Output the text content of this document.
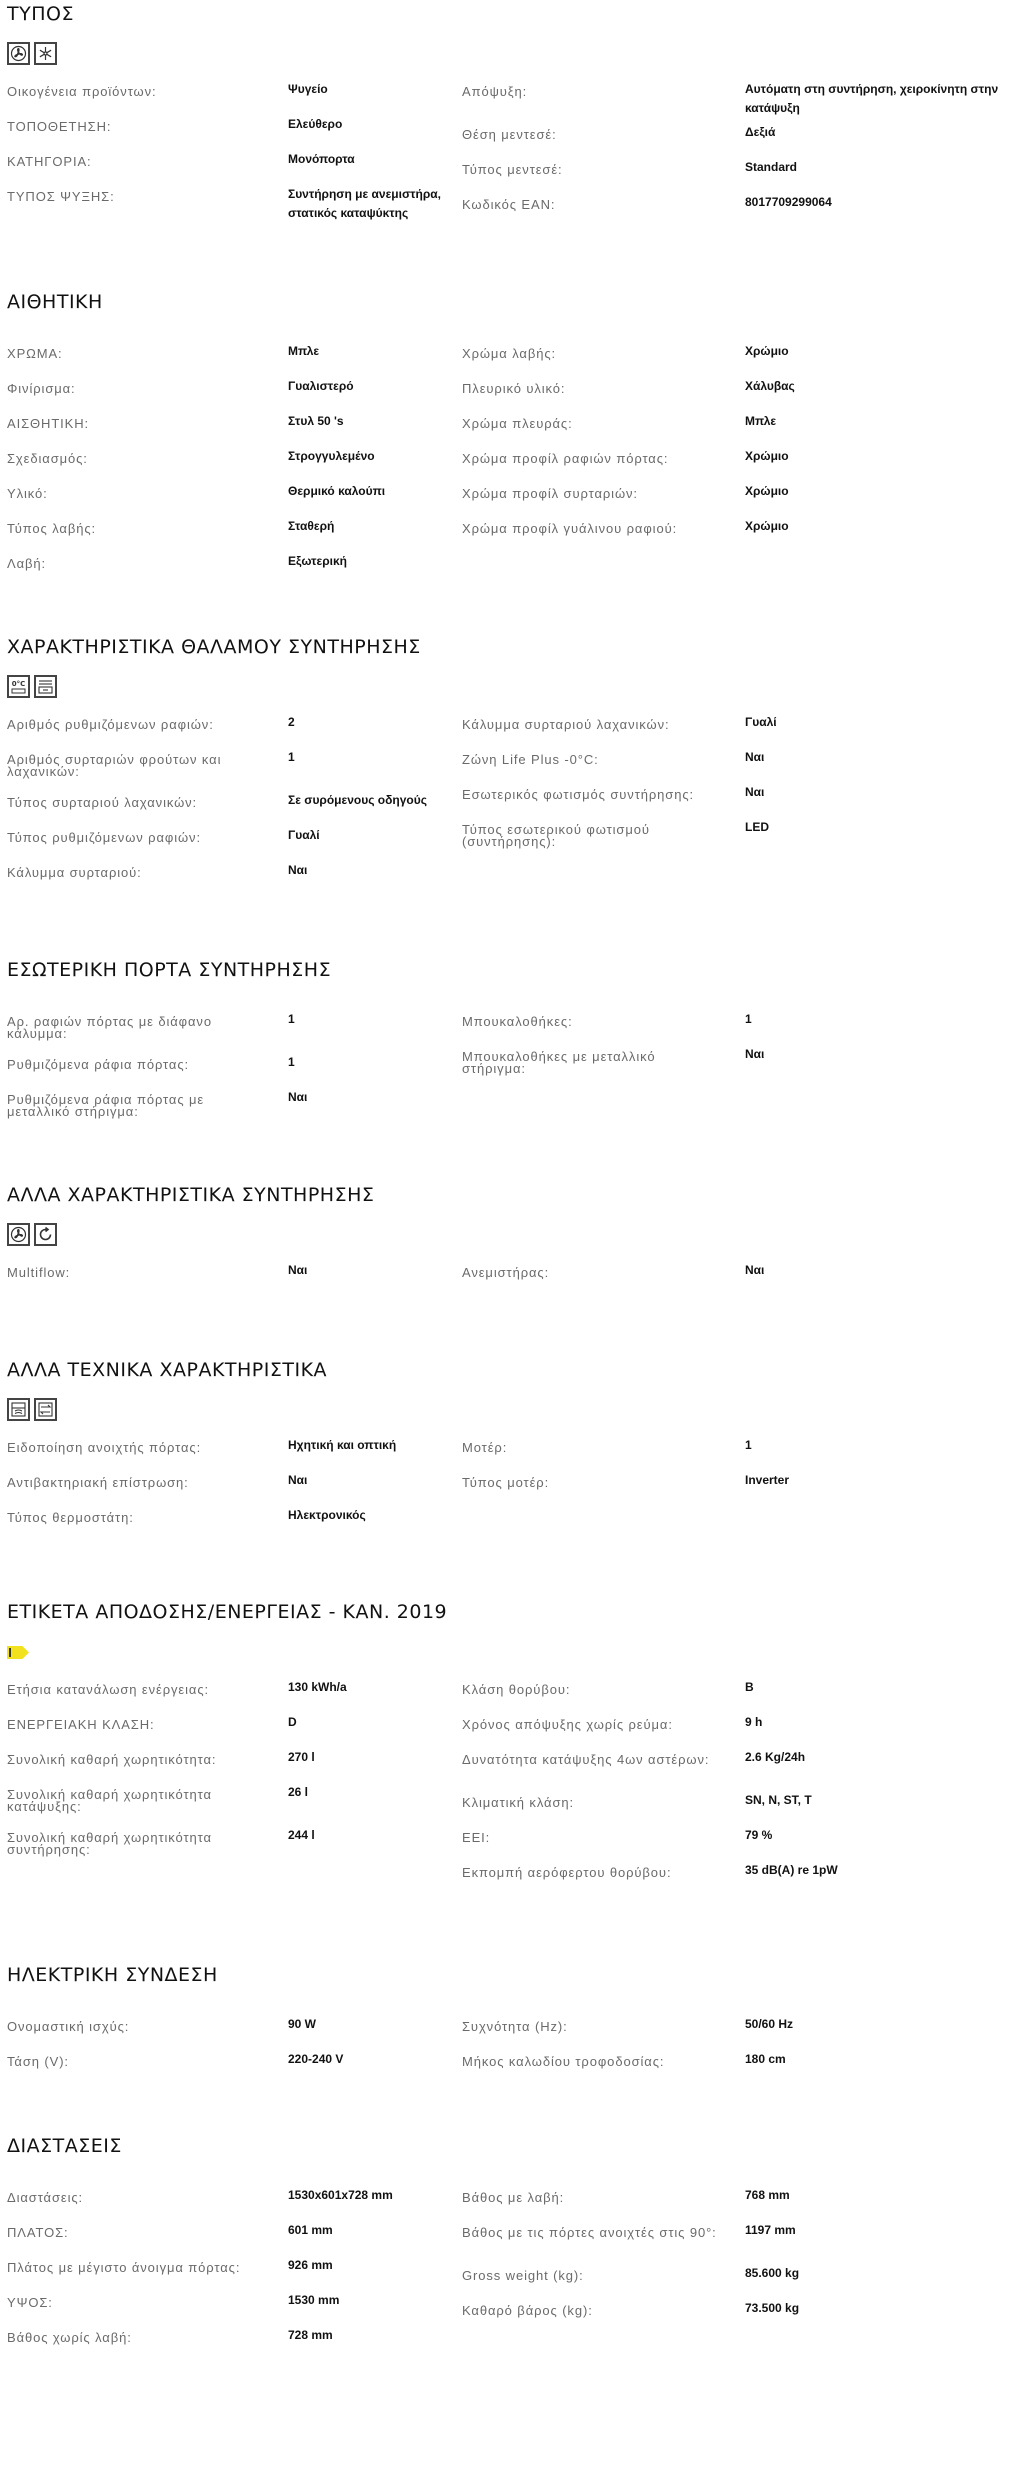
ΤΥΠΟΣ
Οικογένεια προϊόντων:	Ψυγείο
ΤΟΠΟΘΕΤΗΣΗ:	Ελεύθερο
ΚΑΤΗΓΟΡΙΑ:	Μονόπορτα
ΤΥΠΟΣ ΨΥΞΗΣ:	Συντήρηση με ανεμιστήρα, στατικός καταψύκτης
Απόψυξη:	Αυτόματη στη συντήρηση, χειροκίνητη στην κατάψυξη
Θέση μεντεσέ:	Δεξιά
Τύπος μεντεσέ:	Standard
Κωδικός EAN:	8017709299064
ΑΙΘΗΤΙΚΗ
ΧΡΩΜΑ:	Μπλε
Φινίρισμα:	Γυαλιστερό
ΑΙΣΘΗΤΙΚΗ:	Στυλ 50 's
Σχεδιασμός:	Στρογγυλεμένο
Υλικό:	Θερμικό καλούπι
Τύπος λαβής:	Σταθερή
Λαβή:	Εξωτερική
Χρώμα λαβής:	Χρώμιο
Πλευρικό υλικό:	Χάλυβας
Χρώμα πλευράς:	Μπλε
Χρώμα προφίλ ραφιών πόρτας:	Χρώμιο
Χρώμα προφίλ συρταριών:	Χρώμιο
Χρώμα προφίλ γυάλινου ραφιού:	Χρώμιο
ΧΑΡΑΚΤΗΡΙΣΤΙΚΑ ΘΑΛΑΜΟΥ ΣΥΝΤΗΡΗΣΗΣ
0°C
Αριθμός ρυθμιζόμενων ραφιών:	2
Αριθμός συρταριών φρούτων και λαχανικών:
1
Τύπος συρταριού λαχανικών:	Σε συρόμενους οδηγούς
Τύπος ρυθμιζόμενων ραφιών:	Γυαλί
Κάλυμμα συρταριού:	Ναι
Κάλυμμα συρταριού λαχανικών:	Γυαλί
Ζώνη Life Plus -0°C:	Ναι
Εσωτερικός φωτισμός συντήρησης:	Ναι
Τύπος εσωτερικού φωτισμού (συντήρησης):
LED
ΕΣΩΤΕΡΙΚΗ ΠΟΡΤΑ ΣΥΝΤΗΡΗΣΗΣ
Αρ. ραφιών πόρτας με διάφανο κάλυμμα:
1
Ρυθμιζόμενα ράφια πόρτας:	1
Ρυθμιζόμενα ράφια πόρτας με μεταλλικό στήριγμα:
Ναι
Μπουκαλοθήκες:	1
Μπουκαλοθήκες με μεταλλικό στήριγμα:
Ναι
ΑΛΛΑ ΧΑΡΑΚΤΗΡΙΣΤΙΚΑ ΣΥΝΤΗΡΗΣΗΣ
Multiflow:	Ναι	Ανεμιστήρας:	Ναι
ΑΛΛΑ ΤΕΧΝΙΚΑ ΧΑΡΑΚΤΗΡΙΣΤΙΚΑ
Ειδοποίηση ανοιχτής πόρτας:	Ηχητική και οπτική
Αντιβακτηριακή επίστρωση:	Ναι
Τύπος θερμοστάτη:	Ηλεκτρονικός
Μοτέρ:	1
Τύπος μοτέρ:	Inverter
ΕΤΙΚΕΤΑ ΑΠΟΔΟΣΗΣ/ΕΝΕΡΓΕΙΑΣ - ΚΑΝ. 2019
Ετήσια κατανάλωση ενέργειας:	130 kWh/a
ΕΝΕΡΓΕΙΑΚΗ ΚΛΑΣΗ:	D
Συνολική καθαρή χωρητικότητα:	270 l
Συνολική καθαρή χωρητικότητα κατάψυξης:
26 l
Συνολική καθαρή χωρητικότητα συντήρησης:
244 l
Κλάση θορύβου:	B
Χρόνος απόψυξης χωρίς ρεύμα:	9 h
Δυνατότητα κατάψυξης 4ων αστέρων:	2.6 Kg/24h
Κλιματική κλάση:	SN, N, ST, T
EEI:	79 %
Εκπομπή αερόφερτου θορύβου:	35 dB(A) re 1pW
ΗΛΕΚΤΡΙΚΗ ΣΥΝΔΕΣΗ
Ονομαστική ισχύς:	90 W
Τάση (V):	220-240 V
Συχνότητα (Hz):	50/60 Hz
Μήκος καλωδίου τροφοδοσίας:	180 cm
ΔΙΑΣΤΑΣΕΙΣ
Διαστάσεις:	1530x601x728 mm
ΠΛΑΤΟΣ:	601 mm
Πλάτος με μέγιστο άνοιγμα πόρτας:	926 mm
ΥΨΟΣ:	1530 mm
Βάθος χωρίς λαβή:	728 mm
Βάθος με λαβή:	768 mm
Βάθος με τις πόρτες ανοιχτές στις 90°:	1197 mm
Gross weight (kg):	85.600 kg
Καθαρό βάρος (kg):	73.500 kg
